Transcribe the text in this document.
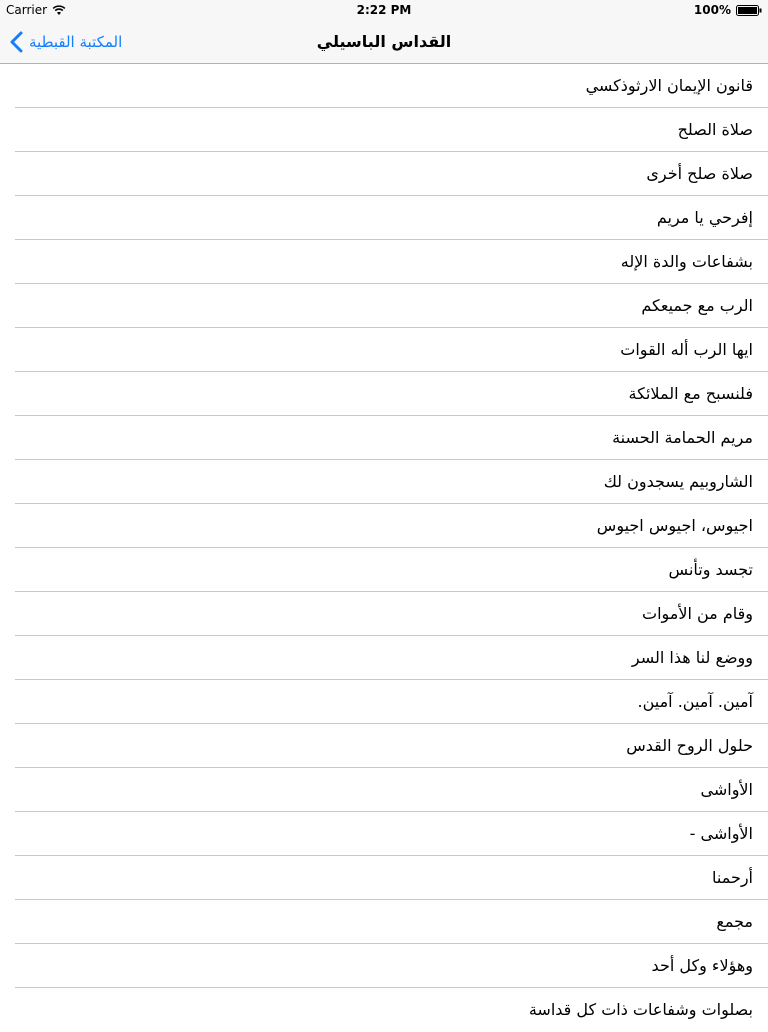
Carrier	2:22 PM	100%
المكتبة القبطية	القداس الباسيلي
قانون الإيمان الارثوذكسي
صلاة الصلح
صلاة صلح أخرى
إفرحي يا مريم
بشفاعات والدة الإله
الرب مع جميعكم
ايها الرب أله القوات
فلنسبح مع الملائكة
مريم الحمامة الحسنة
الشاروبيم يسجدون لك
اجيوس، اجيوس اجيوس
تجسد وتأنس
وقام من الأموات
ووضع لنا هذا السر
آمين. آمين. آمين.
حلول الروح القدس
الأواشى
الأواشى -
أرحمنا
مجمع
وهؤلاء وكل أحد
بصلوات وشفاعات ذات كل قداسة
